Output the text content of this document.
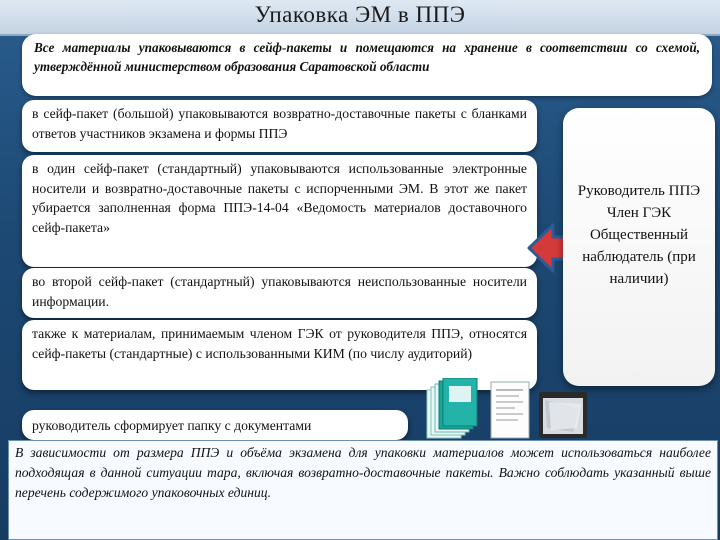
Упаковка ЭМ в ППЭ

Все материалы упаковываются в сейф-пакеты и помещаются на хранение в соответствии со схемой, утверждённой министерством образования Саратовской области

в сейф-пакет (большой) упаковываются возвратно-доставочные пакеты с бланками ответов участников экзамена и формы ППЭ

в один сейф-пакет (стандартный) упаковываются использованные электронные носители и возвратно-доставочные пакеты с испорченными ЭМ. В этот же пакет убирается заполненная форма ППЭ-14-04 «Ведомость материалов доставочного сейф-пакета»

во второй сейф-пакет (стандартный) упаковываются неиспользованные носители информации.

также к материалам, принимаемым членом ГЭК от руководителя ППЭ, относятся сейф-пакеты (стандартные) с использованными КИМ (по числу аудиторий)

руководитель сформирует папку с документами

Руководитель ППЭ
Член ГЭК
Общественный наблюдатель (при наличии)

В зависимости от размера ППЭ и объёма экзамена для упаковки материалов может использоваться наиболее подходящая в данной ситуации тара, включая возвратно-доставочные пакеты. Важно соблюдать указанный выше перечень содержимого упаковочных единиц.
